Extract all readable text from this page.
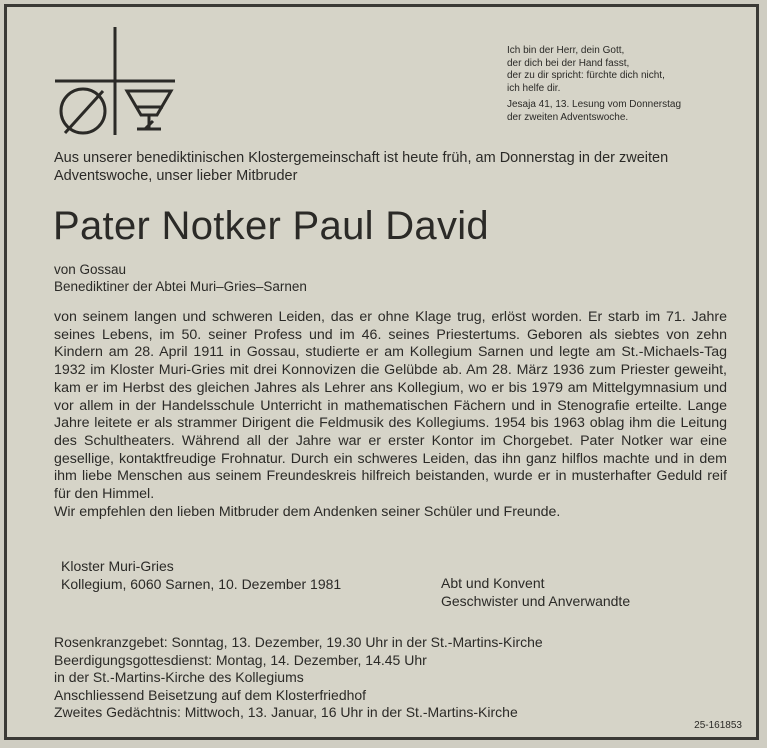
Ich bin der Herr, dein Gott,
der dich bei der Hand fasst,
der zu dir spricht: fürchte dich nicht,
ich helfe dir.
Jesaja 41, 13. Lesung vom Donnerstag
der zweiten Adventswoche.
Aus unserer benediktinischen Klostergemeinschaft ist heute früh, am Donnerstag in der zweiten Adventswoche, unser lieber Mitbruder
Pater Notker Paul David
von Gossau
Benediktiner der Abtei Muri–Gries–Sarnen

von seinem langen und schweren Leiden, das er ohne Klage trug, erlöst worden. Er starb im 71. Jahre seines Lebens, im 50. seiner Profess und im 46. seines Priestertums. Geboren als siebtes von zehn Kindern am 28. April 1911 in Gossau, studierte er am Kollegium Sarnen und legte am St.-Michaels-Tag 1932 im Kloster Muri-Gries mit drei Konnovizen die Gelübde ab. Am 28. März 1936 zum Priester geweiht, kam er im Herbst des gleichen Jahres als Lehrer ans Kollegium, wo er bis 1979 am Mittelgymnasium und vor allem in der Handelsschule Unterricht in mathematischen Fächern und in Stenografie erteilte. Lange Jahre leitete er als strammer Dirigent die Feldmusik des Kollegiums. 1954 bis 1963 oblag ihm die Leitung des Schultheaters. Während all der Jahre war er erster Kontor im Chorgebet. Pater Notker war eine gesellige, kontaktfreudige Frohnatur. Durch ein schweres Leiden, das ihn ganz hilflos machte und in dem ihm liebe Menschen aus seinem Freundeskreis hilfreich beistanden, wurde er in musterhafter Geduld reif für den Himmel.

Wir empfehlen den lieben Mitbruder dem Andenken seiner Schüler und Freunde.

Kloster Muri-Gries
Kollegium, 6060 Sarnen, 10. Dezember 1981	Abt und Konvent
Geschwister und Anverwandte
Rosenkranzgebet: Sonntag, 13. Dezember, 19.30 Uhr in der St.-Martins-Kirche
Beerdigungsgottesdienst: Montag, 14. Dezember, 14.45 Uhr
in der St.-Martins-Kirche des Kollegiums
Anschliessend Beisetzung auf dem Klosterfriedhof
Zweites Gedächtnis: Mittwoch, 13. Januar, 16 Uhr in der St.-Martins-Kirche
25-161853
